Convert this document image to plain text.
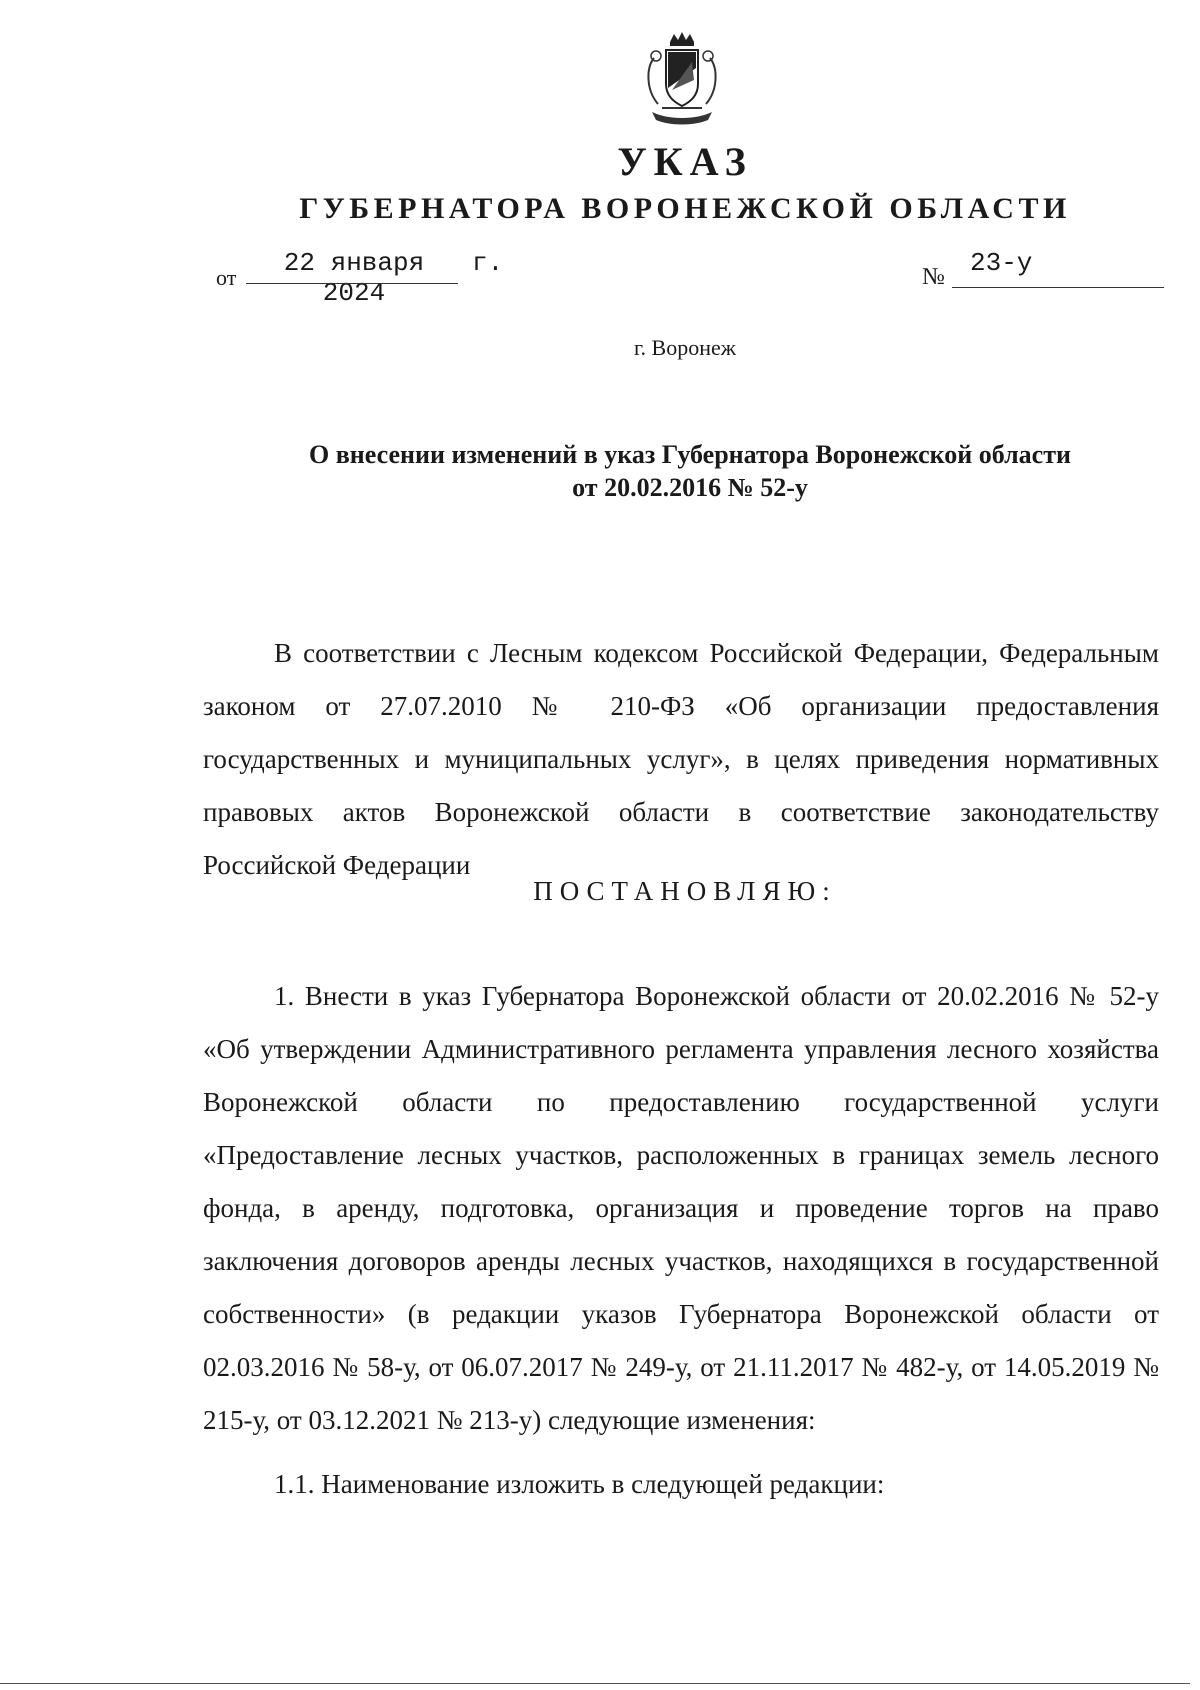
УКАЗ
ГУБЕРНАТОРА ВОРОНЕЖСКОЙ ОБЛАСТИ
от	22 января 2024
г.	№ 23-у
г. Воронеж
О внесении изменений в указ Губернатора Воронежской области
от 20.02.2016 № 52-у

В соответствии с Лесным кодексом Российской Федерации, Федеральным законом от 27.07.2010 № 210-ФЗ «Об организации предоставления государственных и муниципальных услуг», в целях приведения нормативных правовых актов Воронежской области в соответствие законодательству Российской Федерации

ПОСТАНОВЛЯЮ:

1. Внести в указ Губернатора Воронежской области от 20.02.2016 № 52-у «Об утверждении Административного регламента управления лесного хозяйства Воронежской области по предоставлению государственной услуги «Предоставление лесных участков, расположенных в границах земель лесного фонда, в аренду, подготовка, организация и проведение торгов на право заключения договоров аренды лесных участков, находящихся в государственной собственности» (в редакции указов Губернатора Воронежской области от 02.03.2016 № 58-у, от 06.07.2017 № 249-у, от 21.11.2017 № 482-у, от 14.05.2019 № 215-у, от 03.12.2021 № 213-у) следующие изменения:

1.1. Наименование изложить в следующей редакции:
